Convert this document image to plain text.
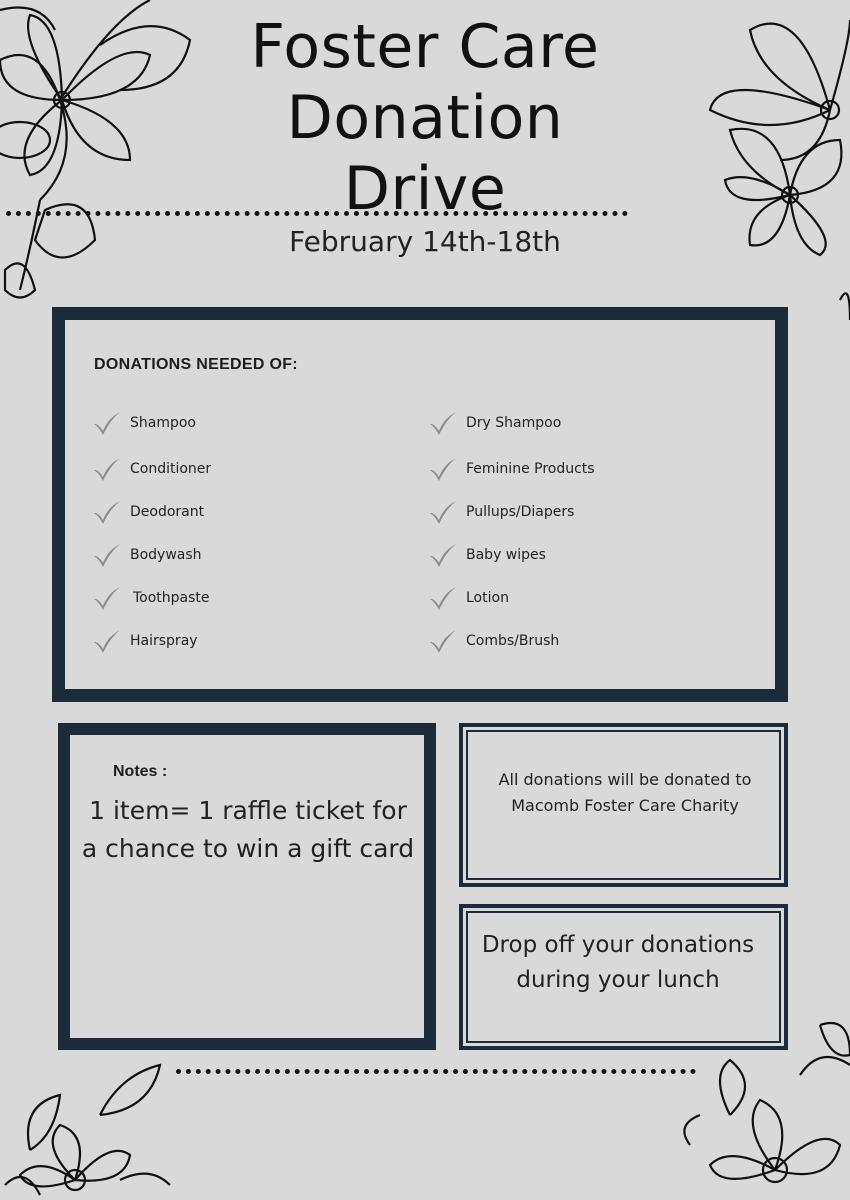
Foster Care
Donation
Drive
February 14th-18th
DONATIONS NEEDED OF:
Shampoo
Conditioner
Deodorant
Bodywash
Toothpaste
Hairspray
Dry Shampoo
Feminine Products
Pullups/Diapers
Baby wipes
Lotion
Combs/Brush
Notes :
1 item= 1 raffle ticket for a chance to win a gift card
All donations will be donated to Macomb Foster Care Charity
Drop off your donations during your lunch
